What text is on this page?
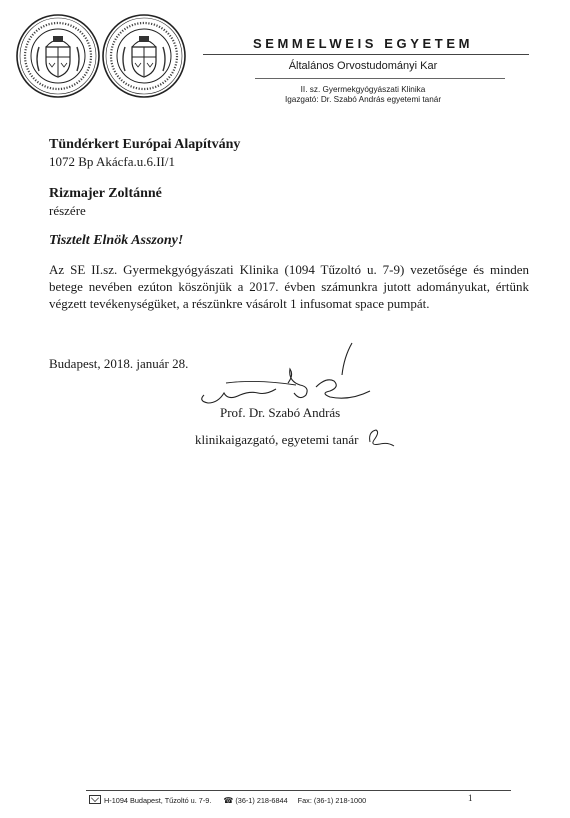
SEMMELWEIS EGYETEM
Általános Orvostudományi Kar
II. sz. Gyermekgyógyászati Klinika
Igazgató: Dr. Szabó András egyetemi tanár
Tündérkert Európai Alapítvány
1072 Bp Akácfa.u.6.II/1
Rizmajer Zoltánné
részére
Tisztelt Elnök Asszony!

Az SE II.sz. Gyermekgyógyászati Klinika (1094 Tűzoltó u. 7-9) vezetősége és minden betege nevében ezúton köszönjük a 2017. évben számunkra jutott adományukat, értünk végzett tevékenységüket, a részünkre vásárolt 1 infusomat space pumpát.

Budapest, 2018. január 28.
Prof. Dr. Szabó András
klinikaigazgató, egyetemi tanár
H-1094 Budapest, Tűzoltó u. 7-9. ☎ (36-1) 218-6844 Fax: (36-1) 218-1000	1
